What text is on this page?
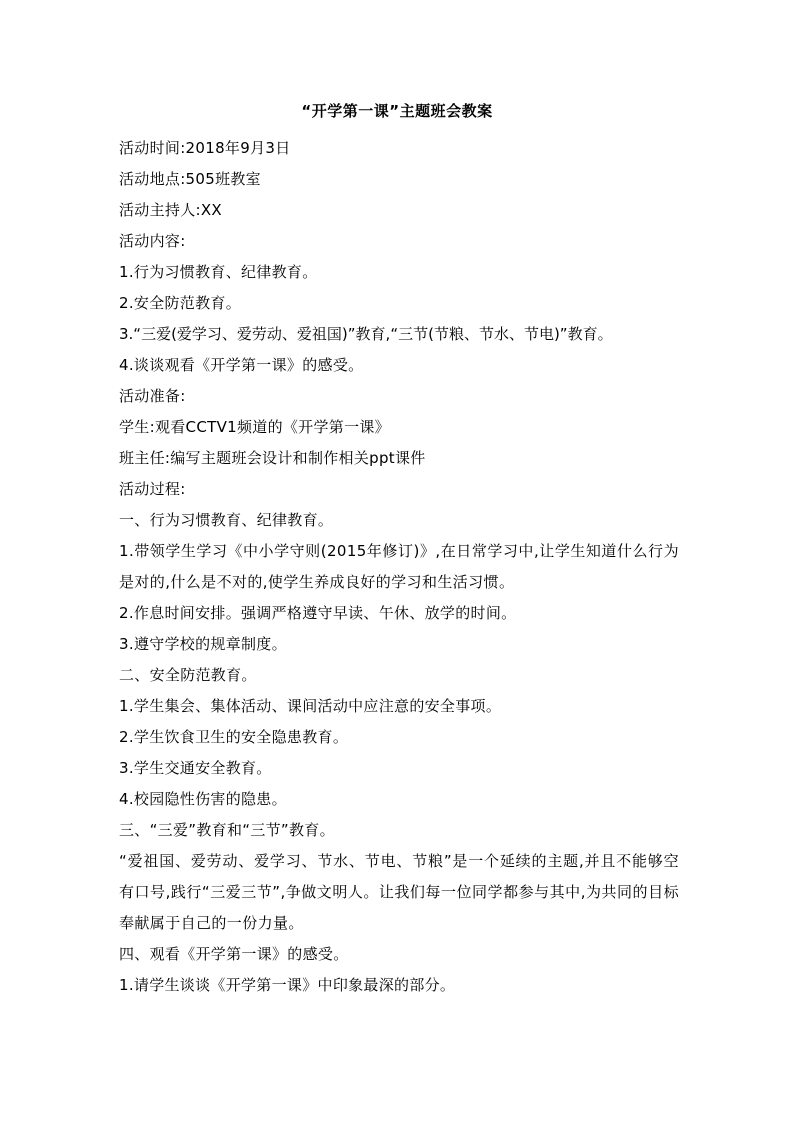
“开学第一课”主题班会教案

活动时间:2018年9月3日

活动地点:505班教室

活动主持人:XX

活动内容:

1.行为习惯教育、纪律教育。

2.安全防范教育。

3.“三爱(爱学习、爱劳动、爱祖国)”教育,“三节(节粮、节水、节电)”教育。

4.谈谈观看《开学第一课》的感受。

活动准备:

学生:观看CCTV1频道的《开学第一课》

班主任:编写主题班会设计和制作相关ppt课件

活动过程:

一、行为习惯教育、纪律教育。

1.带领学生学习《中小学守则(2015年修订)》,在日常学习中,让学生知道什么行为是对的,什么是不对的,使学生养成良好的学习和生活习惯。

2.作息时间安排。强调严格遵守早读、午休、放学的时间。

3.遵守学校的规章制度。

二、安全防范教育。

1.学生集会、集体活动、课间活动中应注意的安全事项。

2.学生饮食卫生的安全隐患教育。

3.学生交通安全教育。

4.校园隐性伤害的隐患。

三、“三爱”教育和“三节”教育。

“爱祖国、爱劳动、爱学习、节水、节电、节粮”是一个延续的主题,并且不能够空有口号,践行“三爱三节”,争做文明人。让我们每一位同学都参与其中,为共同的目标奉献属于自己的一份力量。

四、观看《开学第一课》的感受。

1.请学生谈谈《开学第一课》中印象最深的部分。
